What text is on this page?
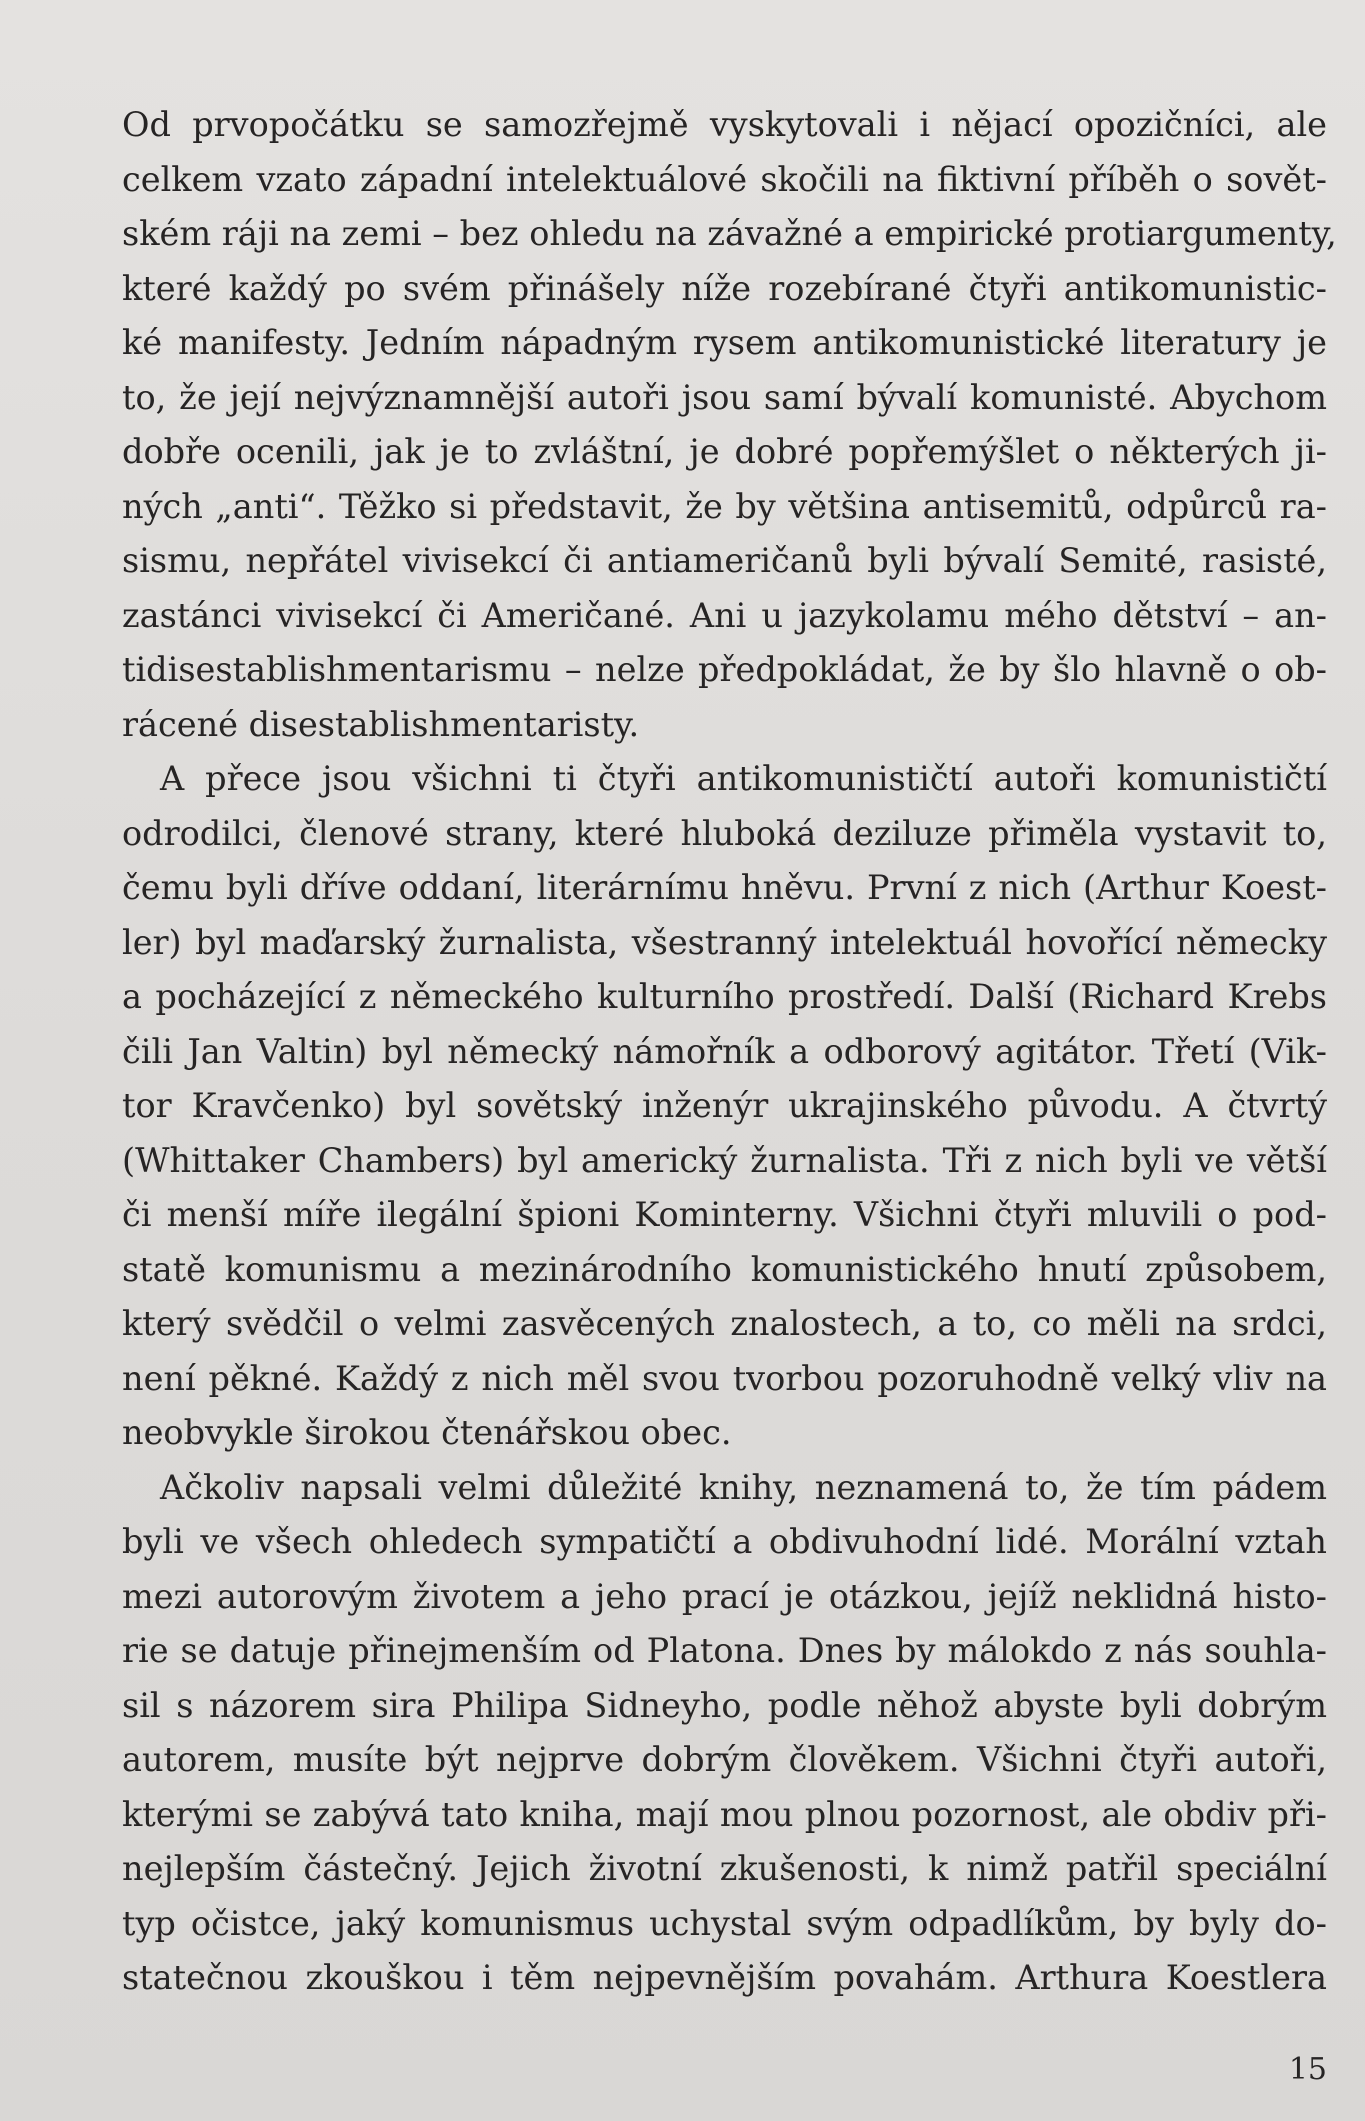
Od prvopočátku se samozřejmě vyskytovali i nějací opozičníci, ale
celkem vzato západní intelektuálové skočili na fiktivní příběh o sovět-
ském ráji na zemi – bez ohledu na závažné a empirické protiargumenty,
které každý po svém přinášely níže rozebírané čtyři antikomunistic-
ké manifesty. Jedním nápadným rysem antikomunistické literatury je
to, že její nejvýznamnější autoři jsou samí bývalí komunisté. Abychom
dobře ocenili, jak je to zvláštní, je dobré popřemýšlet o některých ji-
ných „anti“. Těžko si představit, že by většina antisemitů, odpůrců ra-
sismu, nepřátel vivisekcí či antiameričanů byli bývalí Semité, rasisté,
zastánci vivisekcí či Američané. Ani u jazykolamu mého dětství – an-
tidisestablishmentarismu – nelze předpokládat, že by šlo hlavně o ob-
rácené disestablishmentaristy.
A přece jsou všichni ti čtyři antikomunističtí autoři komunističtí
odrodilci, členové strany, které hluboká deziluze přiměla vystavit to,
čemu byli dříve oddaní, literárnímu hněvu. První z nich (Arthur Koest-
ler) byl maďarský žurnalista, všestranný intelektuál hovořící německy
a pocházející z německého kulturního prostředí. Další (Richard Krebs
čili Jan Valtin) byl německý námořník a odborový agitátor. Třetí (Vik-
tor Kravčenko) byl sovětský inženýr ukrajinského původu. A čtvrtý
(Whittaker Chambers) byl americký žurnalista. Tři z nich byli ve větší
či menší míře ilegální špioni Kominterny. Všichni čtyři mluvili o pod-
statě komunismu a mezinárodního komunistického hnutí způsobem,
který svědčil o velmi zasvěcených znalostech, a to, co měli na srdci,
není pěkné. Každý z nich měl svou tvorbou pozoruhodně velký vliv na
neobvykle širokou čtenářskou obec.
Ačkoliv napsali velmi důležité knihy, neznamená to, že tím pádem
byli ve všech ohledech sympatičtí a obdivuhodní lidé. Morální vztah
mezi autorovým životem a jeho prací je otázkou, jejíž neklidná histo-
rie se datuje přinejmenším od Platona. Dnes by málokdo z nás souhla-
sil s názorem sira Philipa Sidneyho, podle něhož abyste byli dobrým
autorem, musíte být nejprve dobrým člověkem. Všichni čtyři autoři,
kterými se zabývá tato kniha, mají mou plnou pozornost, ale obdiv při-
nejlepším částečný. Jejich životní zkušenosti, k nimž patřil speciální
typ očistce, jaký komunismus uchystal svým odpadlíkům, by byly do-
statečnou zkouškou i těm nejpevnějším povahám. Arthura Koestlera
15
